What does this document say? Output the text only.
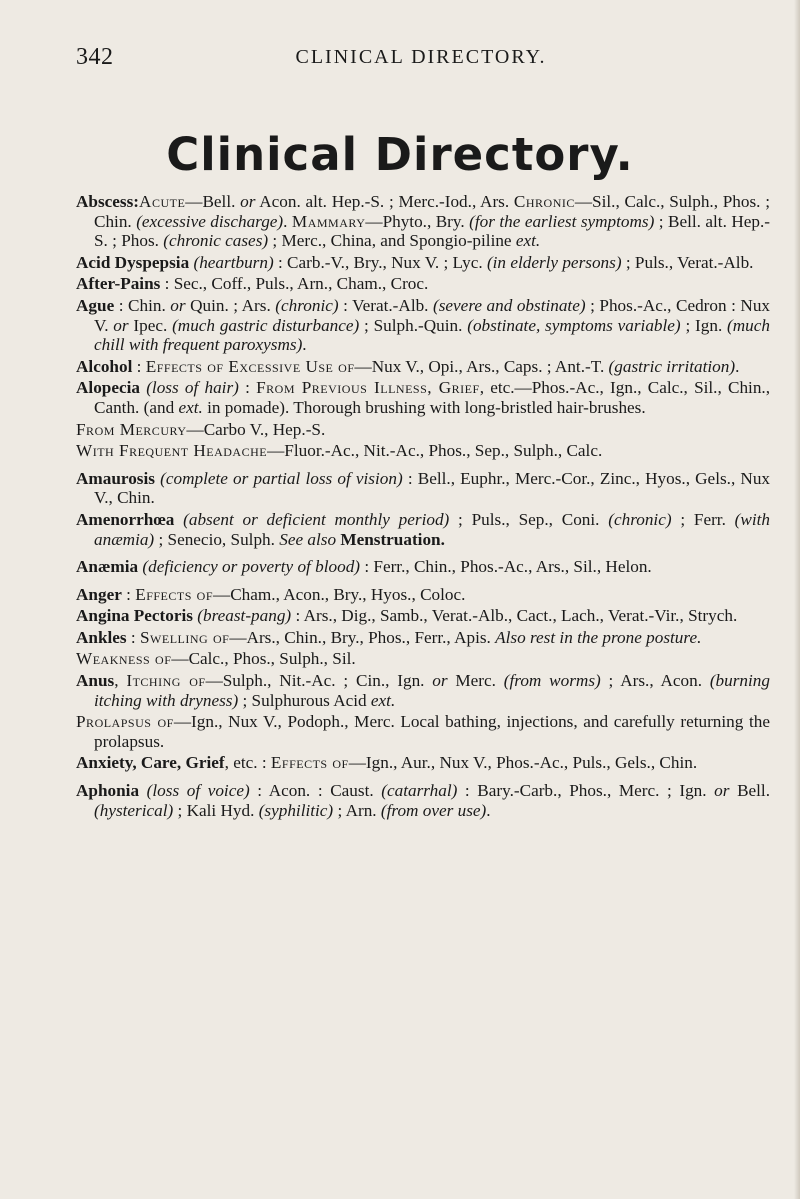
342	CLINICAL DIRECTORY.
Clinical Directory.

Abscess:Acute—Bell. or Acon. alt. Hep.-S. ; Merc.-Iod., Ars. Chronic—Sil., Calc., Sulph., Phos. ; Chin. (excessive discharge). Mammary—Phyto., Bry. (for the earliest symptoms) ; Bell. alt. Hep.-S. ; Phos. (chronic cases) ; Merc., China, and Spongio-piline ext.

Acid Dyspepsia (heartburn) : Carb.-V., Bry., Nux V. ; Lyc. (in elderly persons) ; Puls., Verat.-Alb.

After-Pains : Sec., Coff., Puls., Arn., Cham., Croc.

Ague : Chin. or Quin. ; Ars. (chronic) : Verat.-Alb. (severe and obstinate) ; Phos.-Ac., Cedron : Nux V. or Ipec. (much gastric disturbance) ; Sulph.-Quin. (obstinate, symptoms variable) ; Ign. (much chill with frequent paroxysms).

Alcohol : Effects of Excessive Use of—Nux V., Opi., Ars., Caps. ; Ant.-T. (gastric irritation).

Alopecia (loss of hair) : From Previous Illness, Grief, etc.—Phos.-Ac., Ign., Calc., Sil., Chin., Canth. (and ext. in pomade). Thorough brushing with long-bristled hair-brushes.

From Mercury—Carbo V., Hep.-S.

With Frequent Headache—Fluor.-Ac., Nit.-Ac., Phos., Sep., Sulph., Calc.

Amaurosis (complete or partial loss of vision) : Bell., Euphr., Merc.-Cor., Zinc., Hyos., Gels., Nux V., Chin.

Amenorrhœa (absent or deficient monthly period) ; Puls., Sep., Coni. (chronic) ; Ferr. (with anæmia) ; Senecio, Sulph. See also Menstruation.

Anæmia (deficiency or poverty of blood) : Ferr., Chin., Phos.-Ac., Ars., Sil., Helon.

Anger : Effects of—Cham., Acon., Bry., Hyos., Coloc.

Angina Pectoris (breast-pang) : Ars., Dig., Samb., Verat.-Alb., Cact., Lach., Verat.-Vir., Strych.

Ankles : Swelling of—Ars., Chin., Bry., Phos., Ferr., Apis. Also rest in the prone posture.

Weakness of—Calc., Phos., Sulph., Sil.

Anus, Itching of—Sulph., Nit.-Ac. ; Cin., Ign. or Merc. (from worms) ; Ars., Acon. (burning itching with dryness) ; Sulphurous Acid ext.

Prolapsus of—Ign., Nux V., Podoph., Merc. Local bathing, injections, and carefully returning the prolapsus.

Anxiety, Care, Grief, etc. : Effects of—Ign., Aur., Nux V., Phos.-Ac., Puls., Gels., Chin.

Aphonia (loss of voice) : Acon. : Caust. (catarrhal) : Bary.-Carb., Phos., Merc. ; Ign. or Bell. (hysterical) ; Kali Hyd. (syphilitic) ; Arn. (from over use).
